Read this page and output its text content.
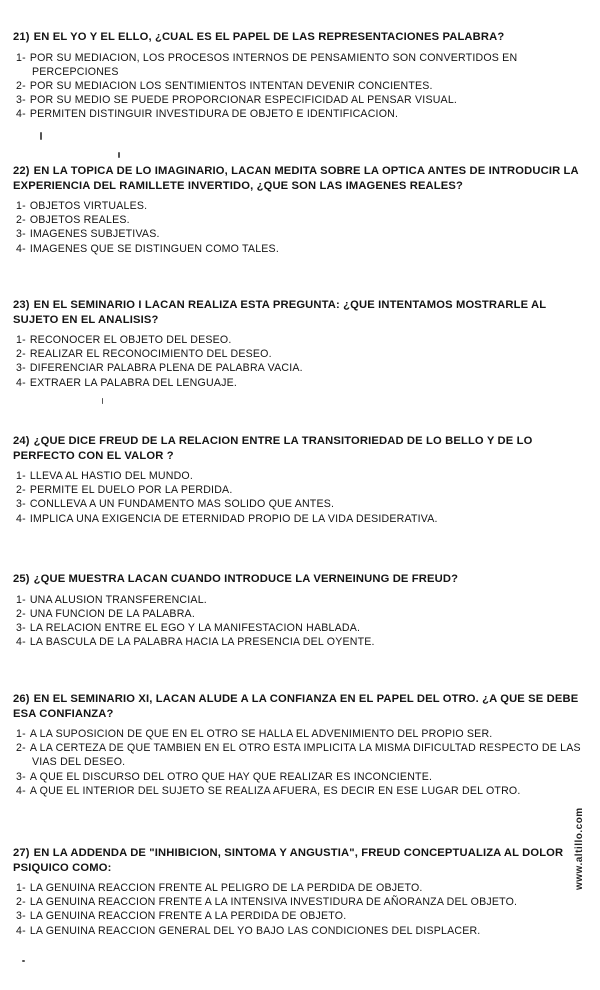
21) EN EL YO Y EL ELLO, ¿CUAL ES EL PAPEL DE LAS REPRESENTACIONES PALABRA?

1- POR SU MEDIACION, LOS PROCESOS INTERNOS DE PENSAMIENTO SON CONVERTIDOS EN PERCEPCIONES
2- POR SU MEDIACION LOS SENTIMIENTOS INTENTAN DEVENIR CONCIENTES.
3- POR SU MEDIO SE PUEDE PROPORCIONAR ESPECIFICIDAD AL PENSAR VISUAL.
4- PERMITEN DISTINGUIR INVESTIDURA DE OBJETO E IDENTIFICACION.

22) EN LA TOPICA DE LO IMAGINARIO, LACAN MEDITA SOBRE LA OPTICA ANTES DE INTRODUCIR LA EXPERIENCIA DEL RAMILLETE INVERTIDO, ¿QUE SON LAS IMAGENES REALES?

1- OBJETOS VIRTUALES.
2- OBJETOS REALES.
3- IMAGENES SUBJETIVAS.
4- IMAGENES QUE SE DISTINGUEN COMO TALES.

23) EN EL SEMINARIO I LACAN REALIZA ESTA PREGUNTA: ¿QUE INTENTAMOS MOSTRARLE AL SUJETO EN EL ANALISIS?

1- RECONOCER EL OBJETO DEL DESEO.
2- REALIZAR EL RECONOCIMIENTO DEL DESEO.
3- DIFERENCIAR PALABRA PLENA DE PALABRA VACIA.
4- EXTRAER LA PALABRA DEL LENGUAJE.

24) ¿QUE DICE FREUD DE LA RELACION ENTRE LA TRANSITORIEDAD DE LO BELLO Y DE LO PERFECTO CON EL VALOR ?

1- LLEVA AL HASTIO DEL MUNDO.
2- PERMITE EL DUELO POR LA PERDIDA.
3- CONLLEVA A UN FUNDAMENTO MAS SOLIDO QUE ANTES.
4- IMPLICA UNA EXIGENCIA DE ETERNIDAD PROPIO DE LA VIDA DESIDERATIVA.

25) ¿QUE MUESTRA LACAN CUANDO INTRODUCE LA VERNEINUNG DE FREUD?

1- UNA ALUSION TRANSFERENCIAL.
2- UNA FUNCION DE LA PALABRA.
3- LA RELACION ENTRE EL EGO Y LA MANIFESTACION HABLADA.
4- LA BASCULA DE LA PALABRA HACIA LA PRESENCIA DEL OYENTE.

26) EN EL SEMINARIO XI, LACAN ALUDE A LA CONFIANZA EN EL PAPEL DEL OTRO. ¿A QUE SE DEBE ESA CONFIANZA?

1- A LA SUPOSICION DE QUE EN EL OTRO SE HALLA EL ADVENIMIENTO DEL PROPIO SER.
2- A LA CERTEZA DE QUE TAMBIEN EN EL OTRO ESTA IMPLICITA LA MISMA DIFICULTAD RESPECTO DE LAS VIAS DEL DESEO.
3- A QUE EL DISCURSO DEL OTRO QUE HAY QUE REALIZAR ES INCONCIENTE.
4- A QUE EL INTERIOR DEL SUJETO SE REALIZA AFUERA, ES DECIR EN ESE LUGAR DEL OTRO.

27) EN LA ADDENDA DE "INHIBICION, SINTOMA Y ANGUSTIA", FREUD CONCEPTUALIZA AL DOLOR PSIQUICO COMO:

1- LA GENUINA REACCION FRENTE AL PELIGRO DE LA PERDIDA DE OBJETO.
2- LA GENUINA REACCION FRENTE A LA INTENSIVA INVESTIDURA DE AÑORANZA DEL OBJETO.
3- LA GENUINA REACCION FRENTE A LA PERDIDA DE OBJETO.
4- LA GENUINA REACCION GENERAL DEL YO BAJO LAS CONDICIONES DEL DISPLACER.
www.altillo.com
